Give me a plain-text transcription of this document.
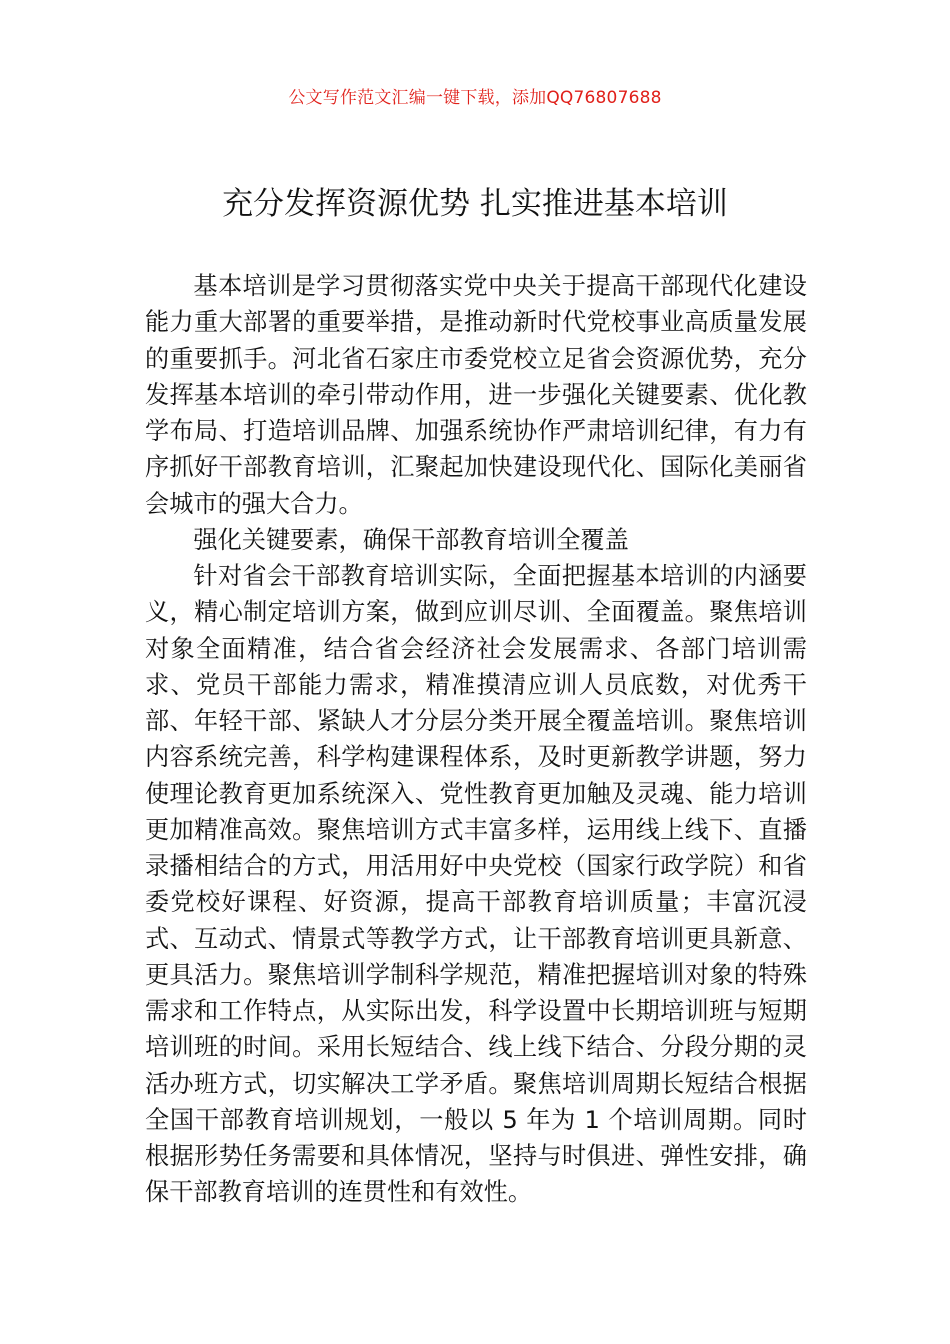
公文写作范文汇编一键下载，添加QQ76807688
充分发挥资源优势 扎实推进基本培训

基本培训是学习贯彻落实党中央关于提高干部现代化建设能力重大部署的重要举措，是推动新时代党校事业高质量发展的重要抓手。河北省石家庄市委党校立足省会资源优势，充分发挥基本培训的牵引带动作用，进一步强化关键要素、优化教学布局、打造培训品牌、加强系统协作严肃培训纪律，有力有序抓好干部教育培训，汇聚起加快建设现代化、国际化美丽省会城市的强大合力。

强化关键要素，确保干部教育培训全覆盖

针对省会干部教育培训实际，全面把握基本培训的内涵要义，精心制定培训方案，做到应训尽训、全面覆盖。聚焦培训对象全面精准，结合省会经济社会发展需求、各部门培训需求、党员干部能力需求，精准摸清应训人员底数，对优秀干部、年轻干部、紧缺人才分层分类开展全覆盖培训。聚焦培训内容系统完善，科学构建课程体系，及时更新教学讲题，努力使理论教育更加系统深入、党性教育更加触及灵魂、能力培训更加精准高效。聚焦培训方式丰富多样，运用线上线下、直播录播相结合的方式，用活用好中央党校（国家行政学院）和省委党校好课程、好资源，提高干部教育培训质量；丰富沉浸式、互动式、情景式等教学方式，让干部教育培训更具新意、更具活力。聚焦培训学制科学规范，精准把握培训对象的特殊需求和工作特点，从实际出发，科学设置中长期培训班与短期培训班的时间。采用长短结合、线上线下结合、分段分期的灵活办班方式，切实解决工学矛盾。聚焦培训周期长短结合根据全国干部教育培训规划，一般以 5 年为 1 个培训周期。同时根据形势任务需要和具体情况，坚持与时俱进、弹性安排，确保干部教育培训的连贯性和有效性。
